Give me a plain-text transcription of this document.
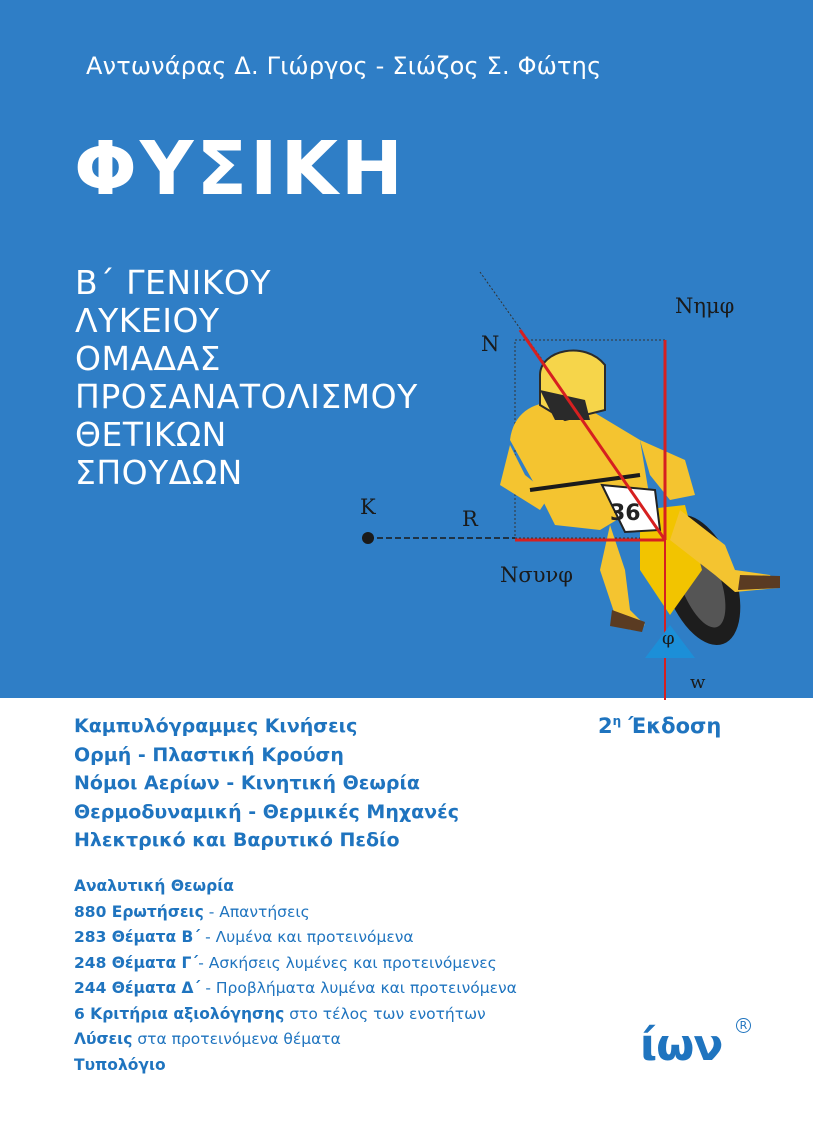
Αντωνάρας Δ. Γιώργος - Σιώζος Σ. Φώτης
ΦΥΣΙΚΗ
Β΄ ΓΕΝΙΚΟΥ
ΛΥΚΕΙΟΥ
ΟΜΑΔΑΣ
ΠΡΟΣΑΝΑΤΟΛΙΣΜΟΥ
ΘΕΤΙΚΩΝ
ΣΠΟΥΔΩΝ
36
Νημφ
N
K	R
Νσυνφ
φ
w
Καμπυλόγραμμες Κινήσεις
Ορμή - Πλαστική Κρούση
Νόμοι Αερίων - Κινητική Θεωρία
Θερμοδυναμική - Θερμικές Μηχανές
Ηλεκτρικό και Βαρυτικό Πεδίο
$2^\eta$ Έκδοση
Αναλυτική Θεωρία
880 Ερωτήσεις - Απαντήσεις
283 Θέματα Β΄ - Λυμένα και προτεινόμενα
248 Θέματα Γ΄- Ασκήσεις λυμένες και προτεινόμενες
244 Θέματα Δ΄ - Προβλήματα λυμένα και προτεινόμενα
6 Κριτήρια αξιολόγησης στο τέλος των ενοτήτων
Λύσεις στα προτεινόμενα θέματα
Τυπολόγιο	ίων	R
